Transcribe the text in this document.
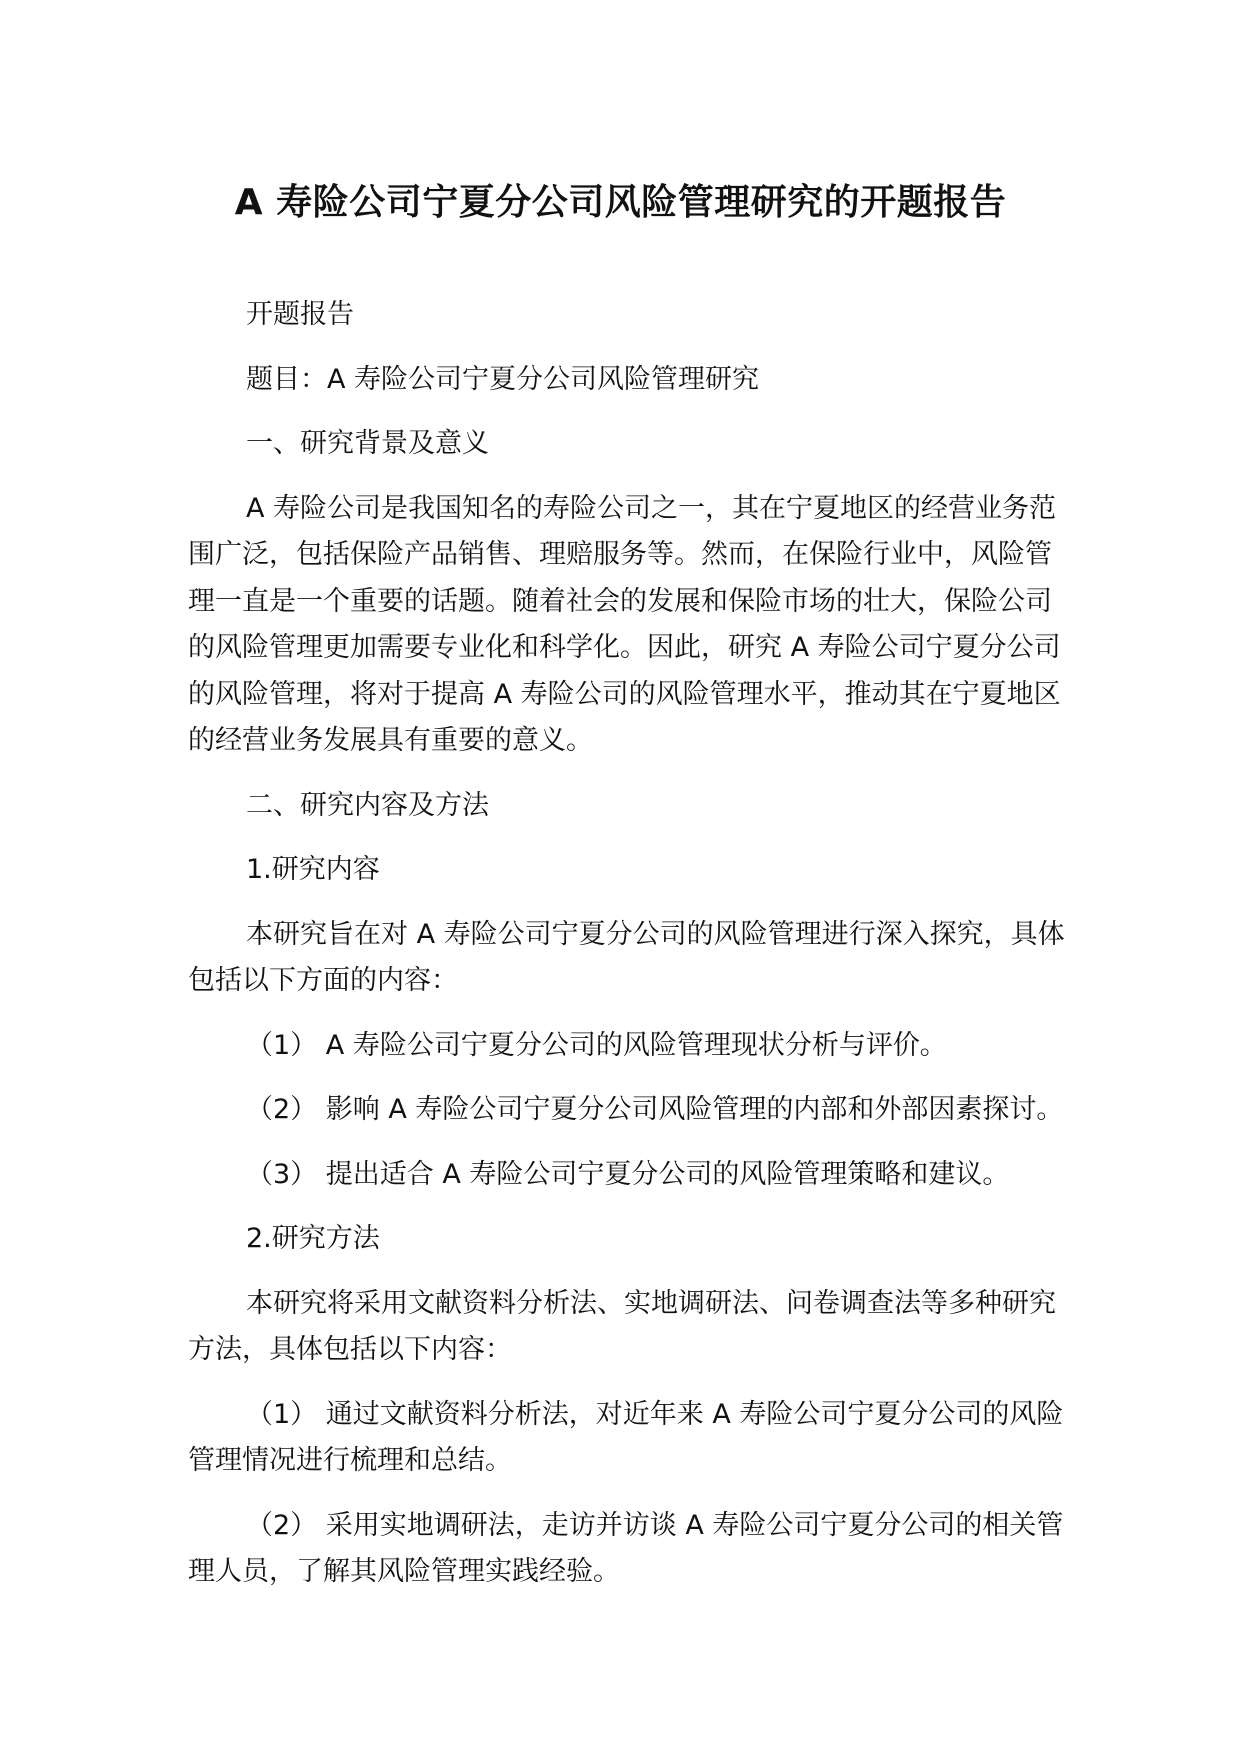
A 寿险公司宁夏分公司风险管理研究的开题报告

开题报告

题目：A 寿险公司宁夏分公司风险管理研究

一、研究背景及意义

A 寿险公司是我国知名的寿险公司之一，其在宁夏地区的经营业务范围广泛，包括保险产品销售、理赔服务等。然而，在保险行业中，风险管理一直是一个重要的话题。随着社会的发展和保险市场的壮大，保险公司的风险管理更加需要专业化和科学化。因此，研究 A 寿险公司宁夏分公司的风险管理，将对于提高 A 寿险公司的风险管理水平，推动其在宁夏地区的经营业务发展具有重要的意义。

二、研究内容及方法

1.研究内容

本研究旨在对 A 寿险公司宁夏分公司的风险管理进行深入探究，具体包括以下方面的内容：

（1） A 寿险公司宁夏分公司的风险管理现状分析与评价。

（2） 影响 A 寿险公司宁夏分公司风险管理的内部和外部因素探讨。

（3） 提出适合 A 寿险公司宁夏分公司的风险管理策略和建议。

2.研究方法

本研究将采用文献资料分析法、实地调研法、问卷调查法等多种研究方法，具体包括以下内容：

（1） 通过文献资料分析法，对近年来 A 寿险公司宁夏分公司的风险管理情况进行梳理和总结。

（2） 采用实地调研法，走访并访谈 A 寿险公司宁夏分公司的相关管理人员，了解其风险管理实践经验。
